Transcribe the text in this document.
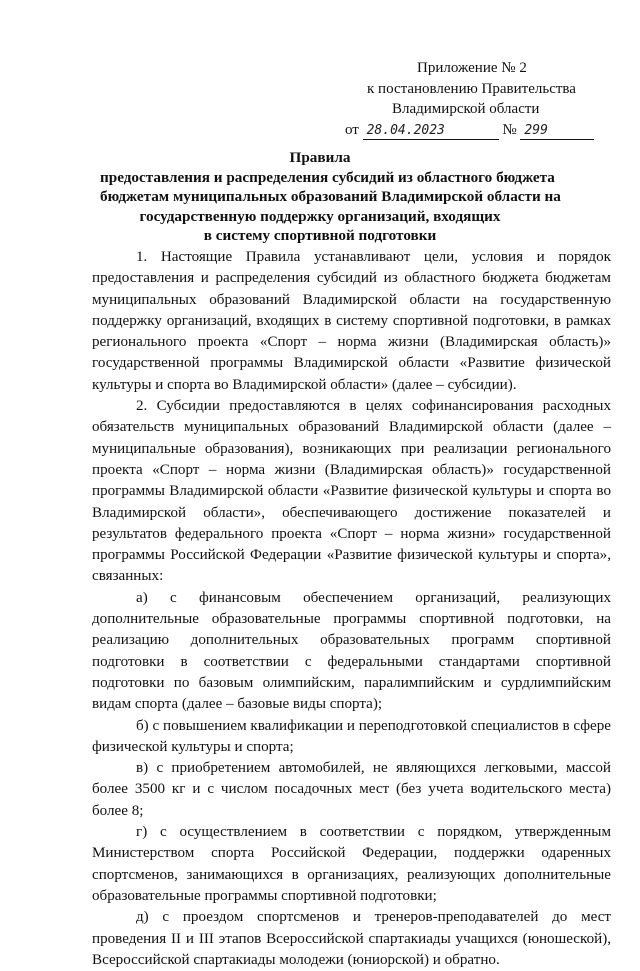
Приложение № 2
к постановлению Правительства
Владимирской области
от 28.04.2023	№ 299
Правила
предоставления и распределения субсидий из областного бюджета
бюджетам муниципальных образований Владимирской области на
государственную поддержку организаций, входящих
в систему спортивной подготовки

1. Настоящие Правила устанавливают цели, условия и порядок предоставления и распределения субсидий из областного бюджета бюджетам муниципальных образований Владимирской области на государственную поддержку организаций, входящих в систему спортивной подготовки, в рамках регионального проекта «Спорт – норма жизни (Владимирская область)» государственной программы Владимирской области «Развитие физической культуры и спорта во Владимирской области» (далее – субсидии).

2. Субсидии предоставляются в целях софинансирования расходных обязательств муниципальных образований Владимирской области (далее – муниципальные образования), возникающих при реализации регионального проекта «Спорт – норма жизни (Владимирская область)» государственной программы Владимирской области «Развитие физической культуры и спорта во Владимирской области», обеспечивающего достижение показателей и результатов федерального проекта «Спорт – норма жизни» государственной программы Российской Федерации «Развитие физической культуры и спорта», связанных:

а) с финансовым обеспечением организаций, реализующих дополнительные образовательные программы спортивной подготовки, на реализацию дополнительных образовательных программ спортивной подготовки в соответствии с федеральными стандартами спортивной подготовки по базовым олимпийским, паралимпийским и сурдлимпийским видам спорта (далее – базовые виды спорта);

б) с повышением квалификации и переподготовкой специалистов в сфере физической культуры и спорта;

в) с приобретением автомобилей, не являющихся легковыми, массой более 3500 кг и с числом посадочных мест (без учета водительского места) более 8;

г) с осуществлением в соответствии с порядком, утвержденным Министерством спорта Российской Федерации, поддержки одаренных спортсменов, занимающихся в организациях, реализующих дополнительные образовательные программы спортивной подготовки;

д) с проездом спортсменов и тренеров-преподавателей до мест проведения II и III этапов Всероссийской спартакиады учащихся (юношеской), Всероссийской спартакиады молодежи (юниорской) и обратно.
